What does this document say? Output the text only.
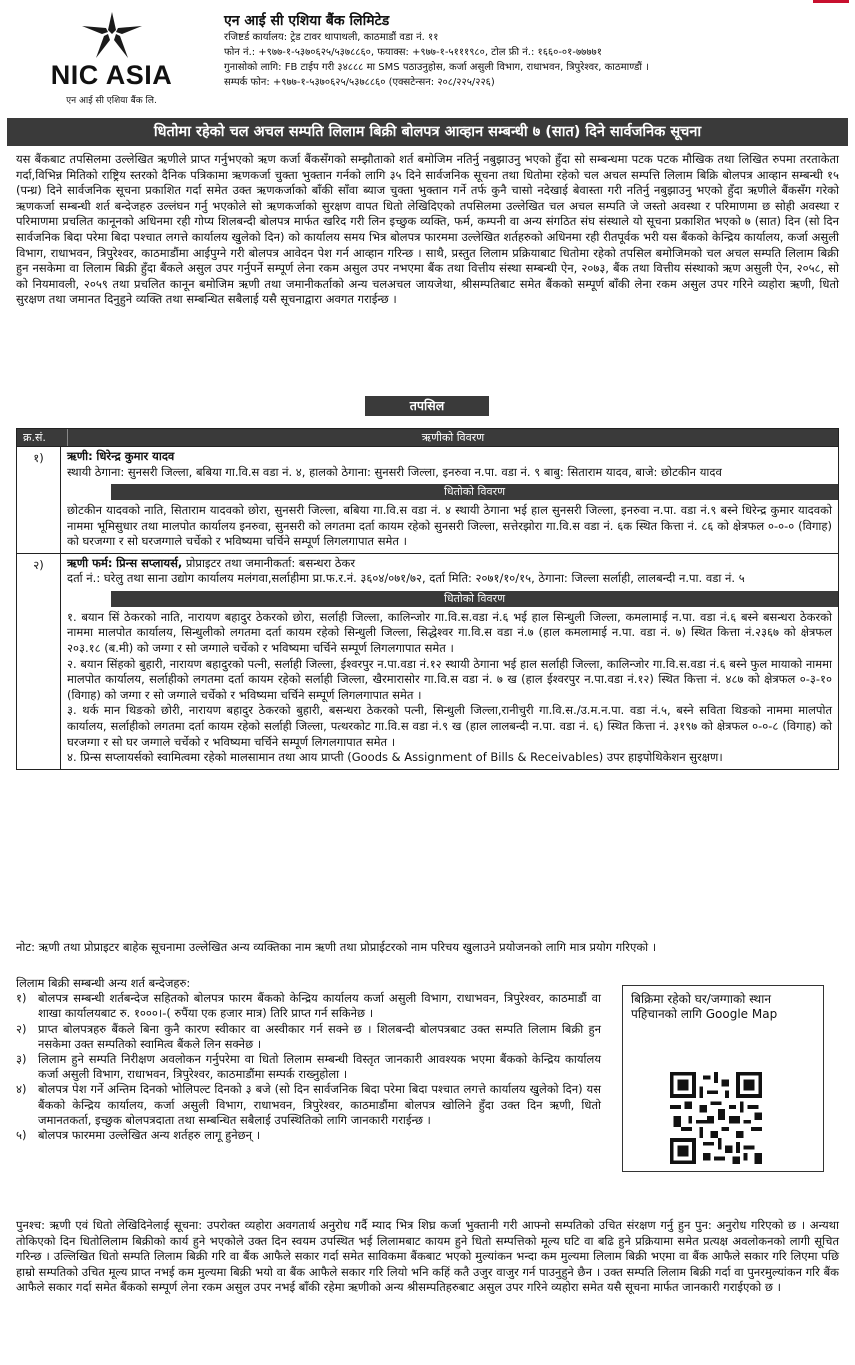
NIC ASIA
एन आई सी एशिया बैंक लि.
एन आई सी एशिया बैंक लिमिटेड
रजिष्टर्ड कार्यालय: ट्रेड टावर थापाथली, काठमाडौं वडा नं. ११
फोन नं.: +९७७-१-५३७०६२५/५३७८८६०, फयाक्स: +९७७-१-५१११९८०, टोल फ्री नं.: १६६०-०१-७७७७१
गुनासोको लागि: FB टाईप गरी ३४८८८ मा SMS पठाउनुहोस, कर्जा असुली विभाग, राधाभवन, त्रिपुरेश्वर, काठमाण्डौं ।
सम्पर्क फोन: +९७७-१-५३७०६२५/५३७८८६० (एक्सटेन्सन: २०८/२२५/२२६)
धितोमा रहेको चल अचल सम्पति लिलाम बिक्री बोलपत्र आव्हान सम्बन्धी ७ (सात) दिने सार्वजनिक सूचना
यस बैंकबाट तपसिलमा उल्लेखित ऋणीले प्राप्त गर्नुभएको ऋण कर्जा बैंकसँगको सम्झौताको शर्त बमोजिम नतिर्नु नबुझाउनु भएको हुँदा सो सम्बन्धमा पटक पटक मौखिक तथा लिखित रुपमा तरताकेता गर्दा,विभिन्न मितिको राष्ट्रिय स्तरको दैनिक पत्रिकामा ऋणकर्जा चुक्ता भुक्तान गर्नको लागि ३५ दिने सार्वजनिक सूचना तथा धितोमा रहेको चल अचल सम्पत्ति लिलाम बिक्रि बोलपत्र आव्हान सम्बन्धी १५ (पन्ध्र) दिने सार्वजनिक सूचना प्रकाशित गर्दा समेत उक्त ऋणकर्जाको बाँकी साँवा ब्याज चुक्ता भुक्तान गर्ने तर्फ कुनै चासो नदेखाई बेवास्ता गरी नतिर्नु नबुझाउनु भएको हुँदा ऋणीले बैंकसँग गरेको ऋणकर्जा सम्बन्धी शर्त बन्देजहरु उल्लंघन गर्नु भएकोले सो ऋणकर्जाको सुरक्षण वापत धितो लेखिदिएको तपसिलमा उल्लेखित चल अचल सम्पति जे जस्तो अवस्था र परिमाणमा छ सोही अवस्था र परिमाणमा प्रचलित कानूनको अधिनमा रही गोप्य शिलबन्दी बोलपत्र मार्फत खरिद गरी लिन इच्छुक व्यक्ति, फर्म, कम्पनी वा अन्य संगठित संघ संस्थाले यो सूचना प्रकाशित भएको ७ (सात) दिन (सो दिन सार्वजनिक बिदा परेमा बिदा पश्चात लगत्ते कार्यालय खुलेको दिन) को कार्यालय समय भित्र बोलपत्र फारममा उल्लेखित शर्तहरुको अधिनमा रही रीतपूर्वक भरी यस बैंकको केन्द्रिय कार्यालय, कर्जा असुली विभाग, राधाभवन, त्रिपुरेश्वर, काठमाडौंमा आईपुग्ने गरी बोलपत्र आवेदन पेश गर्न आव्हान गरिन्छ । साथै, प्रस्तुत लिलाम प्रक्रियाबाट धितोमा रहेको तपसिल बमोजिमको चल अचल सम्पति लिलाम बिक्री हुन नसकेमा वा लिलाम बिक्री हुँदा बैंकले असुल उपर गर्नुपर्ने सम्पूर्ण लेना रकम असुल उपर नभएमा बैंक तथा वित्तीय संस्था सम्बन्धी ऐन, २०७३, बैंक तथा वित्तीय संस्थाको ऋण असुली ऐन, २०५८, सो को नियमावली, २०५९ तथा प्रचलित कानून बमोजिम ऋणी तथा जमानीकर्ताको अन्य चलअचल जायजेथा, श्रीसम्पतिबाट समेत बैंकको सम्पूर्ण बाँकी लेना रकम असुल उपर गरिने व्यहोरा ऋणी, धितो सुरक्षण तथा जमानत दिनुहुने व्यक्ति तथा सम्बन्धित सबैलाई यसै सूचनाद्वारा अवगत गराईन्छ ।
तपसिल
क्र.सं.	ऋणीको विवरण
१)	ऋणी: धिरेन्द्र कुमार यादव
स्थायी ठेगाना: सुनसरी जिल्ला, बबिया गा.वि.स वडा नं. ४, हालको ठेगाना: सुनसरी जिल्ला, इनरुवा न.पा. वडा नं. ९ बाबु: सिताराम यादव, बाजे: छोटकीन यादव
धितोको विवरण
छोटकीन यादवको नाति, सिताराम यादवको छोरा, सुनसरी जिल्ला, बबिया गा.वि.स वडा नं. ४ स्थायी ठेगाना भई हाल सुनसरी जिल्ला, इनरुवा न.पा. वडा नं.९ बस्ने धिरेन्द्र कुमार यादवको नाममा भूमिसुधार तथा मालपोत कार्यालय इनरुवा, सुनसरी को लगतमा दर्ता कायम रहेको सुनसरी जिल्ला, सत्तेरझोरा गा.वि.स वडा नं. ६क स्थित कित्ता नं. ८६ को क्षेत्रफल ०-०-० (विगाह) को घरजग्गा र सो घरजग्गाले चर्चेको र भविष्यमा चर्चिने सम्पूर्ण लिगलगापात समेत ।
२)	ऋणी फर्म: प्रिन्स सप्लायर्स, प्रोप्राइटर तथा जमानीकर्ता: बसन्धरा ठेकर
दर्ता नं.: घरेलु तथा साना उद्योग कार्यालय मलंगवा,सर्लाहीमा प्रा.फ.र.नं. ३६०४/०७१/७२, दर्ता मिति: २०७१/१०/१५, ठेगाना: जिल्ला सर्लाही, लालबन्दी न.पा. वडा नं. ५
धितोको विवरण
१. बयान सिं ठेकरको नाति, नारायण बहादुर ठेकरको छोरा, सर्लाही जिल्ला, कालिन्जोर गा.वि.स.वडा नं.६ भई हाल सिन्धुली जिल्ला, कमलामाई न.पा. वडा नं.६ बस्ने बसन्धरा ठेकरको नाममा मालपोत कार्यालय, सिन्धुलीको लगतमा दर्ता कायम रहेको सिन्धुली जिल्ला, सिद्धेश्वर गा.वि.स वडा नं.७ (हाल कमलामाई न.पा. वडा नं. ७) स्थित कित्ता नं.२३६७ को क्षेत्रफल २०३.१८ (ब.मी) को जग्गा र सो जग्गाले चर्चेको र भविष्यमा चर्चिने सम्पूर्ण लिगलगापात समेत ।
२. बयान सिंहको बुहारी, नारायण बहादुरको पत्नी, सर्लाही जिल्ला, ईश्वरपुर न.पा.वडा नं.१२ स्थायी ठेगाना भई हाल सर्लाही जिल्ला, कालिन्जोर गा.वि.स.वडा नं.६ बस्ने फुल मायाको नाममा मालपोत कार्यालय, सर्लाहीको लगतमा दर्ता कायम रहेको सर्लाही जिल्ला, खैरमारासोर गा.वि.स वडा नं. ७ ख (हाल ईश्वरपुर न.पा.वडा नं.१२) स्थित कित्ता नं. ४८७ को क्षेत्रफल ०-३-१० (विगाह) को जग्गा र सो जग्गाले चर्चेको र भविष्यमा चर्चिने सम्पूर्ण लिगलगापात समेत ।
३. थर्क मान थिङको छोरी, नारायण बहादुर ठेकरको बुहारी, बसन्धरा ठेकरको पत्नी, सिन्धुली जिल्ला,रानीचुरी गा.वि.स./उ.म.न.पा. वडा नं.५, बस्ने सविता थिङको नाममा मालपोत कार्यालय, सर्लाहीको लगतमा दर्ता कायम रहेको सर्लाही जिल्ला, पत्थरकोट गा.वि.स वडा नं.९ ख (हाल लालबन्दी न.पा. वडा नं. ६) स्थित कित्ता नं. ३१९७ को क्षेत्रफल ०-०-८ (विगाह) को घरजग्गा र सो घर जग्गाले चर्चेको र भविष्यमा चर्चिने सम्पूर्ण लिगलगापात समेत ।
४. प्रिन्स सप्लायर्सको स्वामित्वमा रहेको मालसामान तथा आय प्राप्ती (Goods & Assignment of Bills & Receivables) उपर हाइपोथिकेशन सुरक्षण।
नोट: ऋणी तथा प्रोप्राइटर बाहेक सूचनामा उल्लेखित अन्य व्यक्तिका नाम ऋणी तथा प्रोप्राईटरको नाम परिचय खुलाउने प्रयोजनको लागि मात्र प्रयोग गरिएको ।
लिलाम बिक्री सम्बन्धी अन्य शर्त बन्देजहरु:
१)	बोलपत्र सम्बन्धी शर्तबन्देज सहितको बोलपत्र फारम बैंकको केन्द्रिय कार्यालय कर्जा असुली विभाग, राधाभवन, त्रिपुरेश्वर, काठमाडौं वा शाखा कार्यालयबाट रु. १०००।-( रुपैंया एक हजार मात्र) तिरि प्राप्त गर्न सकिनेछ ।
२)	प्राप्त बोलपत्रहरु बैंकले बिना कुनै कारण स्वीकार वा अस्वीकार गर्न सक्ने छ । शिलबन्दी बोलपत्रबाट उक्त सम्पति लिलाम बिक्री हुन नसकेमा उक्त सम्पतिको स्वामित्व बैंकले लिन सक्नेछ ।
३)	लिलाम हुने सम्पति निरीक्षण अवलोकन गर्नुपरेमा वा धितो लिलाम सम्बन्धी विस्तृत जानकारी आवश्यक भएमा बैंकको केन्द्रिय कार्यालय कर्जा असुली विभाग, राधाभवन, त्रिपुरेश्वर, काठमाडौंमा सम्पर्क राख्नुहोला ।
४)	बोलपत्र पेश गर्ने अन्तिम दिनको भोलिपल्ट दिनको ३ बजे (सो दिन सार्वजनिक बिदा परेमा बिदा पश्चात लगत्ते कार्यालय खुलेको दिन) यस बैंकको केन्द्रिय कार्यालय, कर्जा असुली विभाग, राधाभवन, त्रिपुरेश्वर, काठमाडौंमा बोलपत्र खोलिने हुँदा उक्त दिन ऋणी, धितो जमानतकर्ता, इच्छुक बोलपत्रदाता तथा सम्बन्धित सबैलाई उपस्थितिको लागि जानकारी गराईन्छ ।
५)	बोलपत्र फारममा उल्लेखित अन्य शर्तहरु लागू हुनेछन् ।
बिक्रिमा रहेको घर/जग्गाको स्थान पहिचानको लागि Google Map
पुनश्च: ऋणी एवं धितो लेखिदिनेलाई सूचना: उपरोक्त व्यहोरा अवगतार्थ अनुरोध गर्दै म्याद भित्र शिघ्र कर्जा भुक्तानी गरी आफ्नो सम्पतिको उचित संरक्षण गर्नु हुन पुन: अनुरोध गरिएको छ । अन्यथा तोकिएको दिन धितोलिलाम बिक्रीको कार्य हुने भएकोले उक्त दिन स्वयम उपस्थित भई लिलामबाट कायम हुने धितो सम्पत्तिको मूल्य घटि वा बढि हुने प्रक्रियामा समेत प्रत्यक्ष अवलोकनको लागी सूचित गरिन्छ । उल्लिखित धितो सम्पति लिलाम बिक्री गरि वा बैंक आफैले सकार गर्दा समेत साविकमा बैंकबाट भएको मुल्यांकन भन्दा कम मुल्यमा लिलाम बिक्री भएमा वा बैंक आफैले सकार गरि लिएमा पछि हाम्रो सम्पतिको उचित मूल्य प्राप्त नभई कम मुल्यमा बिक्री भयो वा बैंक आफैले सकार गरि लियो भनि कहिं कतै उजुर वाजुर गर्न पाउनुहुने छैन । उक्त सम्पति लिलाम बिक्री गर्दा वा पुनरमुल्यांकन गरि बैंक आफैले सकार गर्दा समेत बैंकको सम्पूर्ण लेना रकम असुल उपर नभई बाँकी रहेमा ऋणीको अन्य श्रीसम्पतिहरुबाट असुल उपर गरिने व्यहोरा समेत यसै सूचना मार्फत जानकारी गराईएको छ ।
